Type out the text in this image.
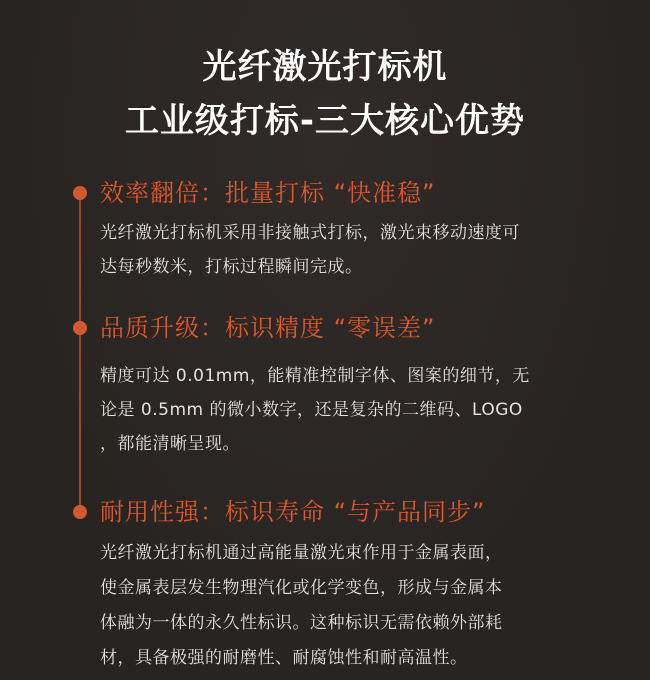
光纤激光打标机
工业级打标-三大核心优势
效率翻倍：批量打标 “快准稳”
光纤激光打标机采用非接触式打标，激光束移动速度可
达每秒数米，打标过程瞬间完成。
品质升级：标识精度 “零误差”
精度可达 0.01mm，能精准控制字体、图案的细节，无
论是 0.5mm 的微小数字，还是复杂的二维码、LOGO
，都能清晰呈现。
耐用性强：标识寿命 “与产品同步”
光纤激光打标机通过高能量激光束作用于金属表面，
使金属表层发生物理汽化或化学变色，形成与金属本
体融为一体的永久性标识。这种标识无需依赖外部耗
材，具备极强的耐磨性、耐腐蚀性和耐高温性。
